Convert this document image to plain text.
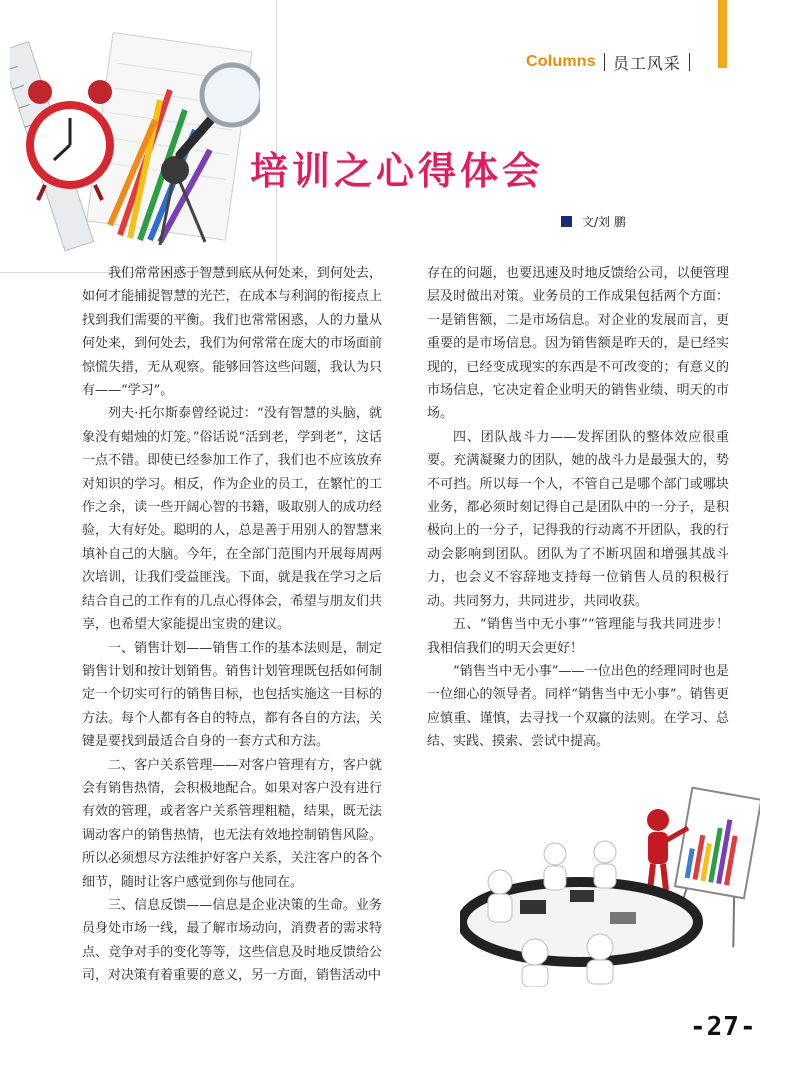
Columns 员工风采
培训之心得体会
文/刘 鹏

我们常常困惑于智慧到底从何处来，到何处去，如何才能捕捉智慧的光芒，在成本与利润的衔接点上找到我们需要的平衡。我们也常常困惑，人的力量从何处来，到何处去，我们为何常常在庞大的市场面前惊慌失措，无从观察。能够回答这些问题，我认为只有——“学习”。

列夫·托尔斯泰曾经说过：“没有智慧的头脑，就象没有蜡烛的灯笼。”俗话说“活到老，学到老”，这话一点不错。即使已经参加工作了，我们也不应该放弃对知识的学习。相反，作为企业的员工，在繁忙的工作之余，读一些开阔心智的书籍，吸取别人的成功经验，大有好处。聪明的人，总是善于用别人的智慧来填补自己的大脑。今年，在全部门范围内开展每周两次培训，让我们受益匪浅。下面，就是我在学习之后结合自己的工作有的几点心得体会，希望与朋友们共享，也希望大家能提出宝贵的建议。

一、销售计划——销售工作的基本法则是，制定销售计划和按计划销售。销售计划管理既包括如何制定一个切实可行的销售目标，也包括实施这一目标的方法。每个人都有各自的特点，都有各自的方法，关键是要找到最适合自身的一套方式和方法。

二、客户关系管理——对客户管理有方，客户就会有销售热情，会积极地配合。如果对客户没有进行有效的管理，或者客户关系管理粗糙，结果，既无法调动客户的销售热情，也无法有效地控制销售风险。所以必须想尽方法维护好客户关系，关注客户的各个细节，随时让客户感觉到你与他同在。

三、信息反馈——信息是企业决策的生命。业务员身处市场一线，最了解市场动向，消费者的需求特点、竞争对手的变化等等，这些信息及时地反馈给公司，对决策有着重要的意义，另一方面，销售活动中

存在的问题，也要迅速及时地反馈给公司，以便管理层及时做出对策。业务员的工作成果包括两个方面：一是销售额，二是市场信息。对企业的发展而言，更重要的是市场信息。因为销售额是昨天的，是已经实现的，已经变成现实的东西是不可改变的；有意义的市场信息，它决定着企业明天的销售业绩、明天的市场。

四、团队战斗力——发挥团队的整体效应很重要。充满凝聚力的团队，她的战斗力是最强大的，势不可挡。所以每一个人，不管自己是哪个部门或哪块业务，都必须时刻记得自己是团队中的一分子，是积极向上的一分子，记得我的行动离不开团队，我的行动会影响到团队。团队为了不断巩固和增强其战斗力，也会义不容辞地支持每一位销售人员的积极行动。共同努力，共同进步，共同收获。

五、“销售当中无小事”“管理能与我共同进步！我相信我们的明天会更好！

“销售当中无小事”——一位出色的经理同时也是一位细心的领导者。同样“销售当中无小事”。销售更应慎重、谨慎，去寻找一个双赢的法则。在学习、总结、实践、摸索、尝试中提高。

-27-
